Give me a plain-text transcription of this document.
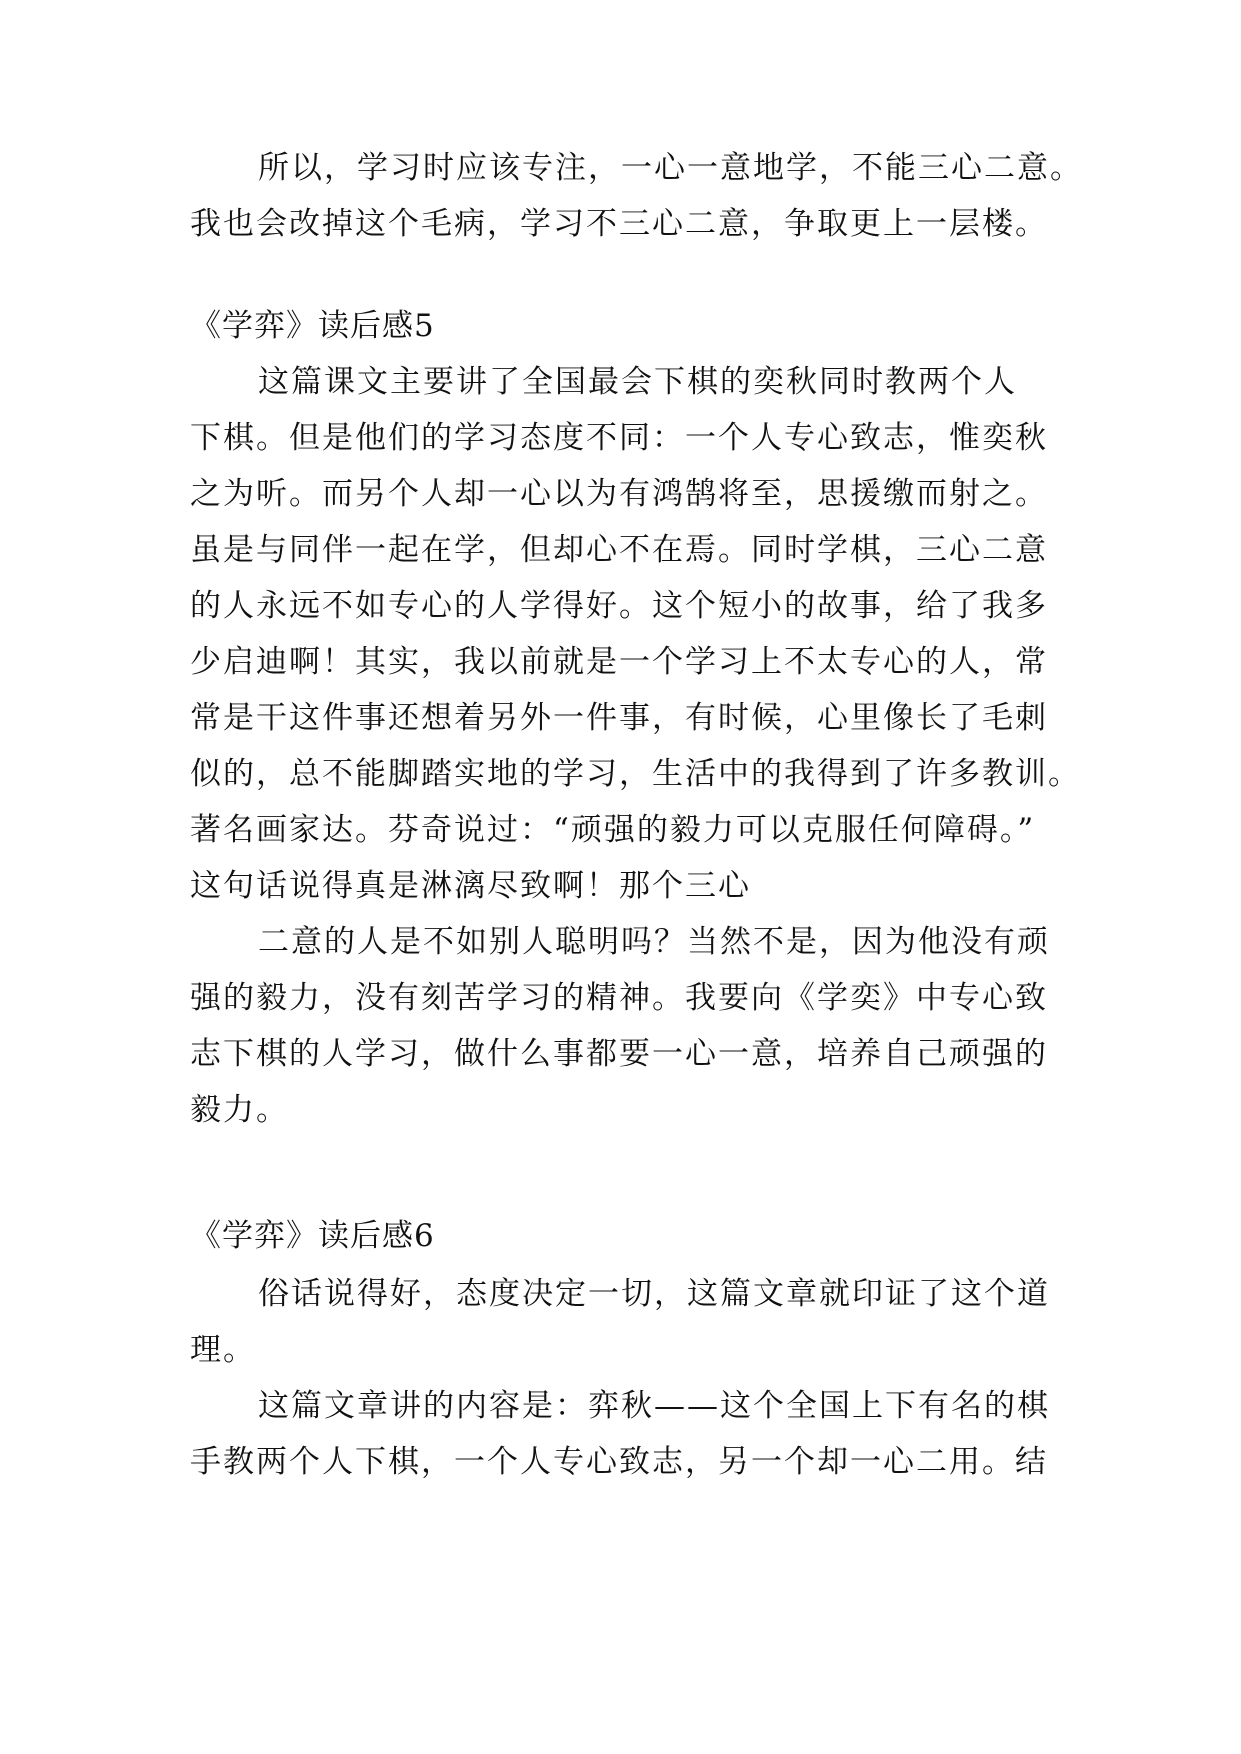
所以，学习时应该专注，一心一意地学，不能三心二意。
我也会改掉这个毛病，学习不三心二意，争取更上一层楼。
《学弈》读后感5
这篇课文主要讲了全国最会下棋的奕秋同时教两个人
下棋。但是他们的学习态度不同：一个人专心致志，惟奕秋
之为听。而另个人却一心以为有鸿鹄将至，思援缴而射之。
虽是与同伴一起在学，但却心不在焉。同时学棋，三心二意
的人永远不如专心的人学得好。这个短小的故事，给了我多
少启迪啊！其实，我以前就是一个学习上不太专心的人，常
常是干这件事还想着另外一件事，有时候，心里像长了毛刺
似的，总不能脚踏实地的学习，生活中的我得到了许多教训。
著名画家达。芬奇说过：“顽强的毅力可以克服任何障碍。”
这句话说得真是淋漓尽致啊！那个三心
二意的人是不如别人聪明吗？当然不是，因为他没有顽
强的毅力，没有刻苦学习的精神。我要向《学奕》中专心致
志下棋的人学习，做什么事都要一心一意，培养自己顽强的
毅力。
《学弈》读后感6
俗话说得好，态度决定一切，这篇文章就印证了这个道
理。
这篇文章讲的内容是：弈秋——这个全国上下有名的棋
手教两个人下棋，一个人专心致志，另一个却一心二用。结
